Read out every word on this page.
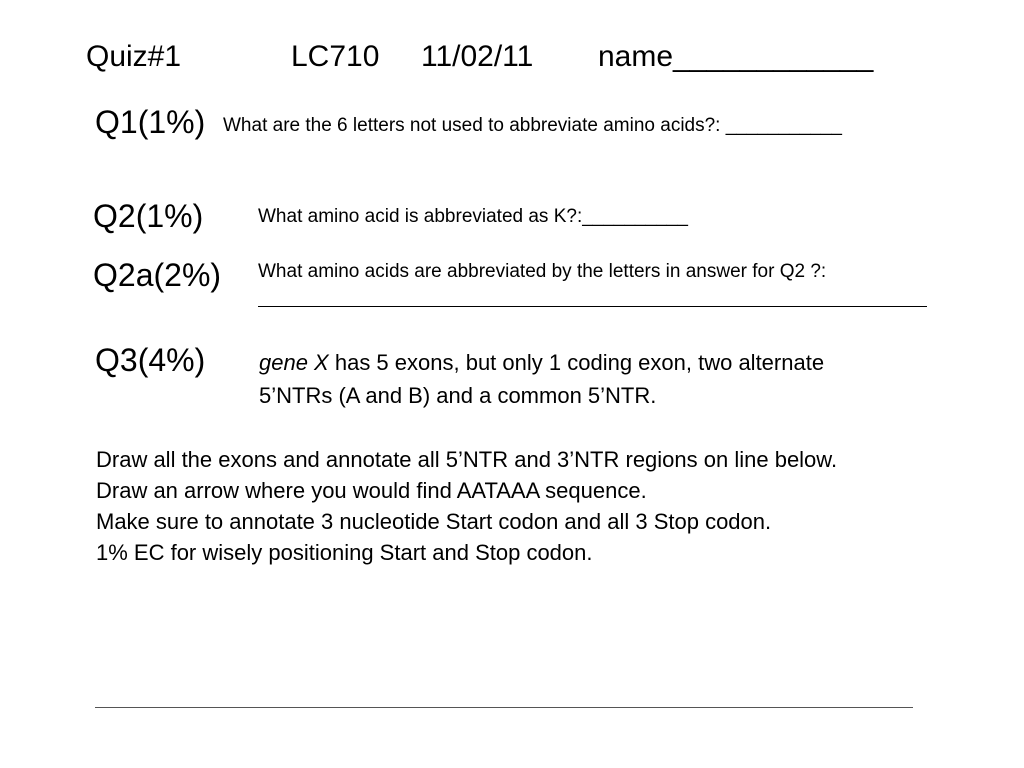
Quiz#1	LC710 11/02/11 name____________
Q1(1%) What are the 6 letters not used to abbreviate amino acids?: ___________
Q2(1%)	What amino acid is abbreviated as K?:__________
Q2a(2%) What amino acids are abbreviated by the letters in answer for Q2 ?:
Q3(4%) gene X has 5 exons, but only 1 coding exon, two alternate
5’NTRs (A and B) and a common 5’NTR.
Draw all the exons and annotate all 5’NTR and 3’NTR regions on line below.
Draw an arrow where you would find AATAAA sequence.
Make sure to annotate 3 nucleotide Start codon and all 3 Stop codon.
1% EC for wisely positioning Start and Stop codon.
